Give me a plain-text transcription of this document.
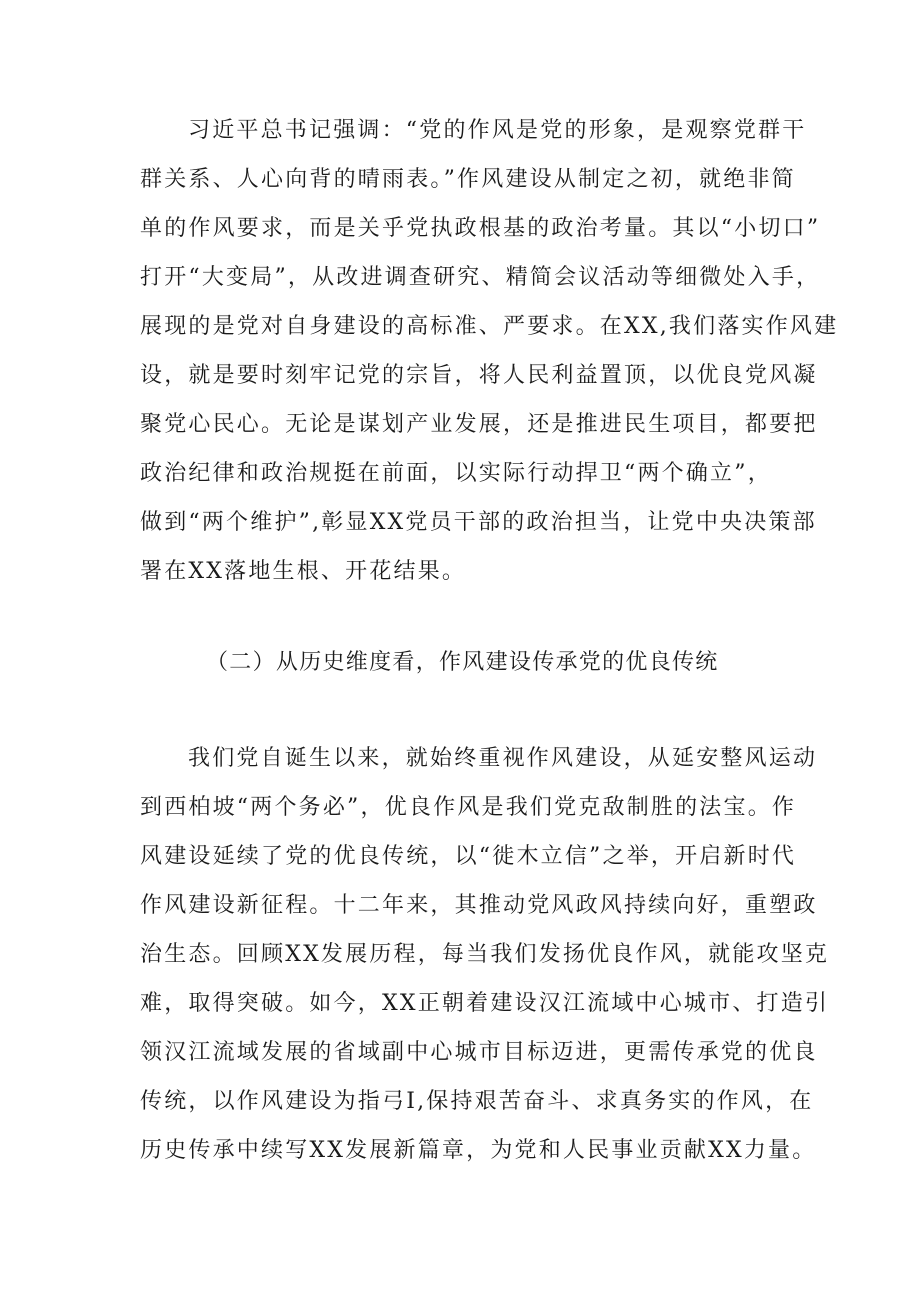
习近平总书记强调：“党的作风是党的形象，是观察党群干
群关系、人心向背的晴雨表。”作风建设从制定之初，就绝非简
单的作风要求，而是关乎党执政根基的政治考量。其以“小切口”
打开“大变局”，从改进调查研究、精简会议活动等细微处入手，
展现的是党对自身建设的高标准、严要求。在XX,我们落实作风建
设，就是要时刻牢记党的宗旨，将人民利益置顶，以优良党风凝
聚党心民心。无论是谋划产业发展，还是推进民生项目，都要把
政治纪律和政治规挺在前面，以实际行动捍卫“两个确立”，
做到“两个维护”,彰显XX党员干部的政治担当，让党中央决策部
署在XX落地生根、开花结果。
（二）从历史维度看，作风建设传承党的优良传统
我们党自诞生以来，就始终重视作风建设，从延安整风运动
到西柏坡“两个务必”，优良作风是我们党克敌制胜的法宝。作
风建设延续了党的优良传统，以“徙木立信”之举，开启新时代
作风建设新征程。十二年来，其推动党风政风持续向好，重塑政
治生态。回顾XX发展历程，每当我们发扬优良作风，就能攻坚克
难，取得突破。如今，XX正朝着建设汉江流域中心城市、打造引
领汉江流域发展的省域副中心城市目标迈进，更需传承党的优良
传统，以作风建设为指弓I,保持艰苦奋斗、求真务实的作风，在
历史传承中续写XX发展新篇章，为党和人民事业贡献XX力量。
